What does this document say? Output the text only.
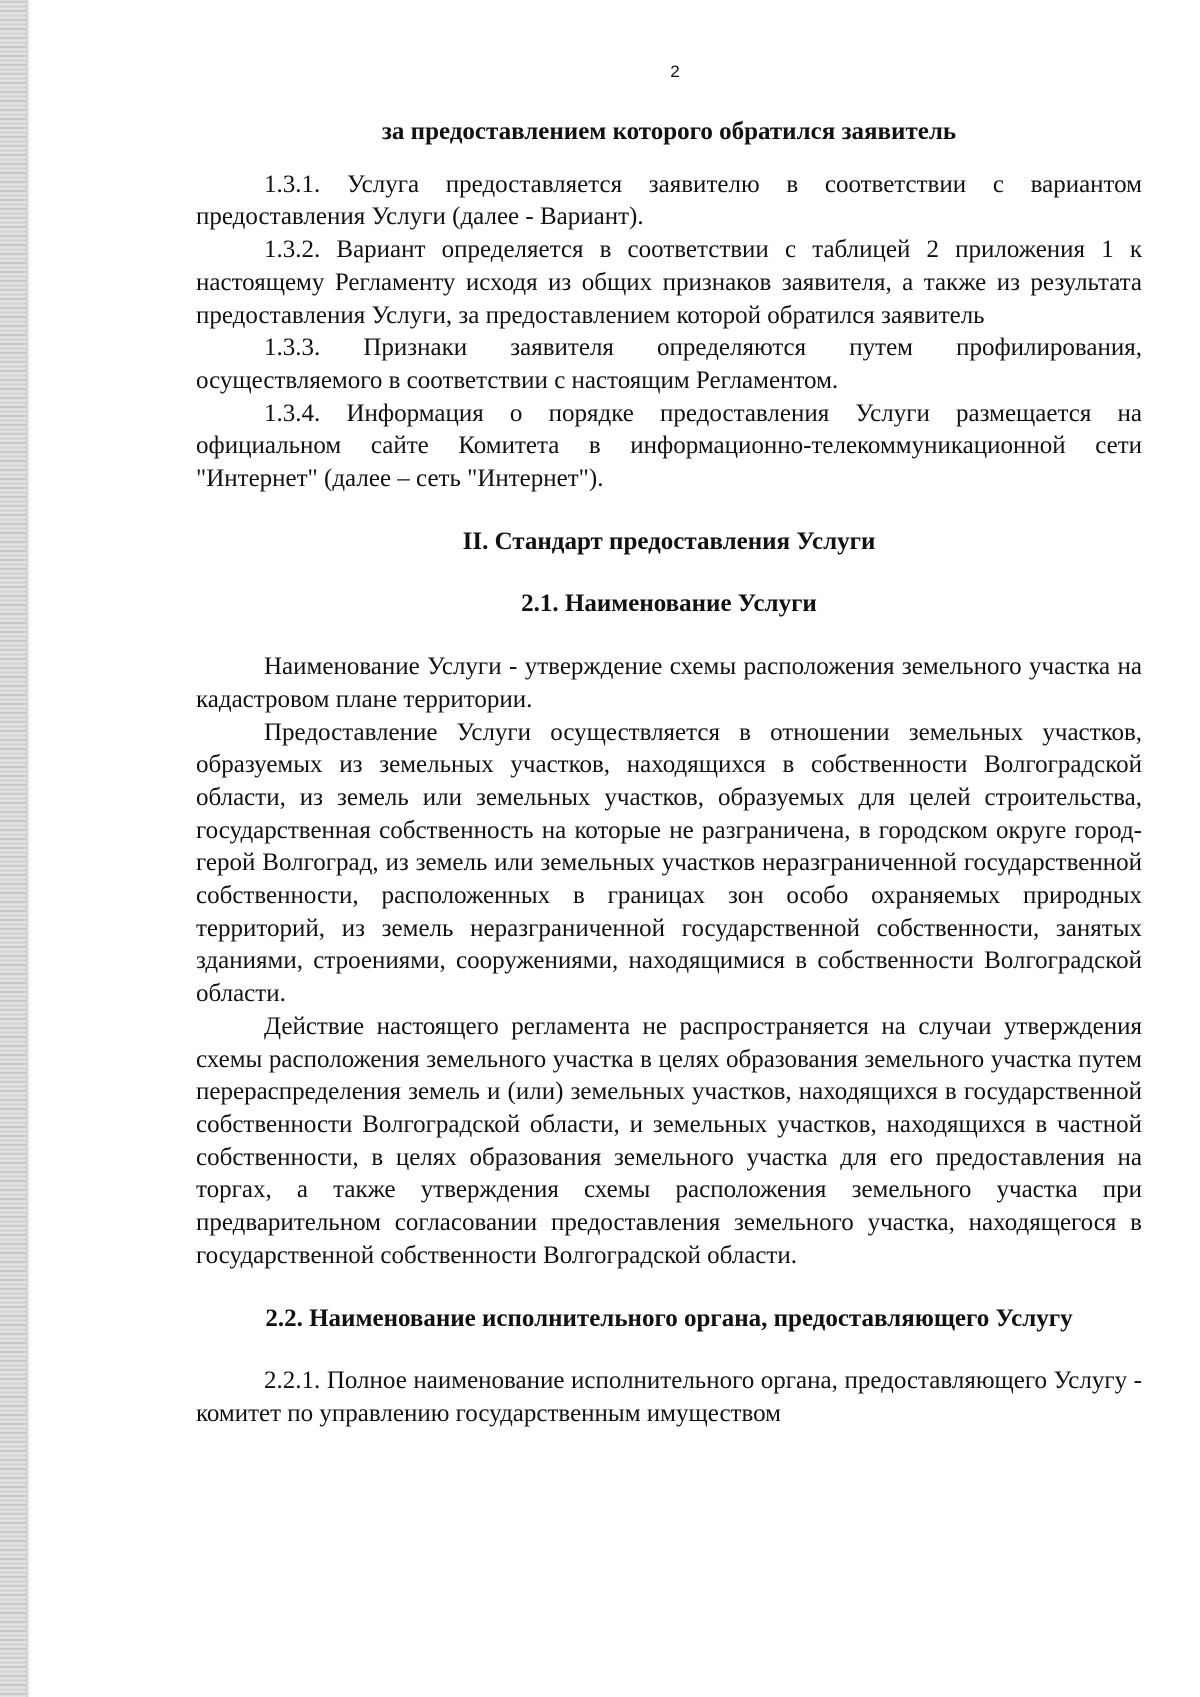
2

за предоставлением которого обратился заявитель

1.3.1. Услуга предоставляется заявителю в соответствии с вариантом предоставления Услуги (далее - Вариант).

1.3.2. Вариант определяется в соответствии с таблицей 2 приложения 1 к настоящему Регламенту исходя из общих признаков заявителя, а также из результата предоставления Услуги, за предоставлением которой обратился заявитель

1.3.3. Признаки заявителя определяются путем профилирования, осуществляемого в соответствии с настоящим Регламентом.

1.3.4. Информация о порядке предоставления Услуги размещается на официальном сайте Комитета в информационно-телекоммуникационной сети "Интернет" (далее – сеть "Интернет").

II. Стандарт предоставления Услуги

2.1. Наименование Услуги

Наименование Услуги - утверждение схемы расположения земельного участка на кадастровом плане территории.

Предоставление Услуги осуществляется в отношении земельных участков, образуемых из земельных участков, находящихся в собственности Волгоградской области, из земель или земельных участков, образуемых для целей строительства, государственная собственность на которые не разграничена, в городском округе город-герой Волгоград, из земель или земельных участков неразграниченной государственной собственности, расположенных в границах зон особо охраняемых природных территорий, из земель неразграниченной государственной собственности, занятых зданиями, строениями, сооружениями, находящимися в собственности Волгоградской области.

Действие настоящего регламента не распространяется на случаи утверждения схемы расположения земельного участка в целях образования земельного участка путем перераспределения земель и (или) земельных участков, находящихся в государственной собственности Волгоградской области, и земельных участков, находящихся в частной собственности, в целях образования земельного участка для его предоставления на торгах, а также утверждения схемы расположения земельного участка при предварительном согласовании предоставления земельного участка, находящегося в государственной собственности Волгоградской области.

2.2. Наименование исполнительного органа, предоставляющего Услугу

2.2.1. Полное наименование исполнительного органа, предоставляющего Услугу - комитет по управлению государственным имуществом
